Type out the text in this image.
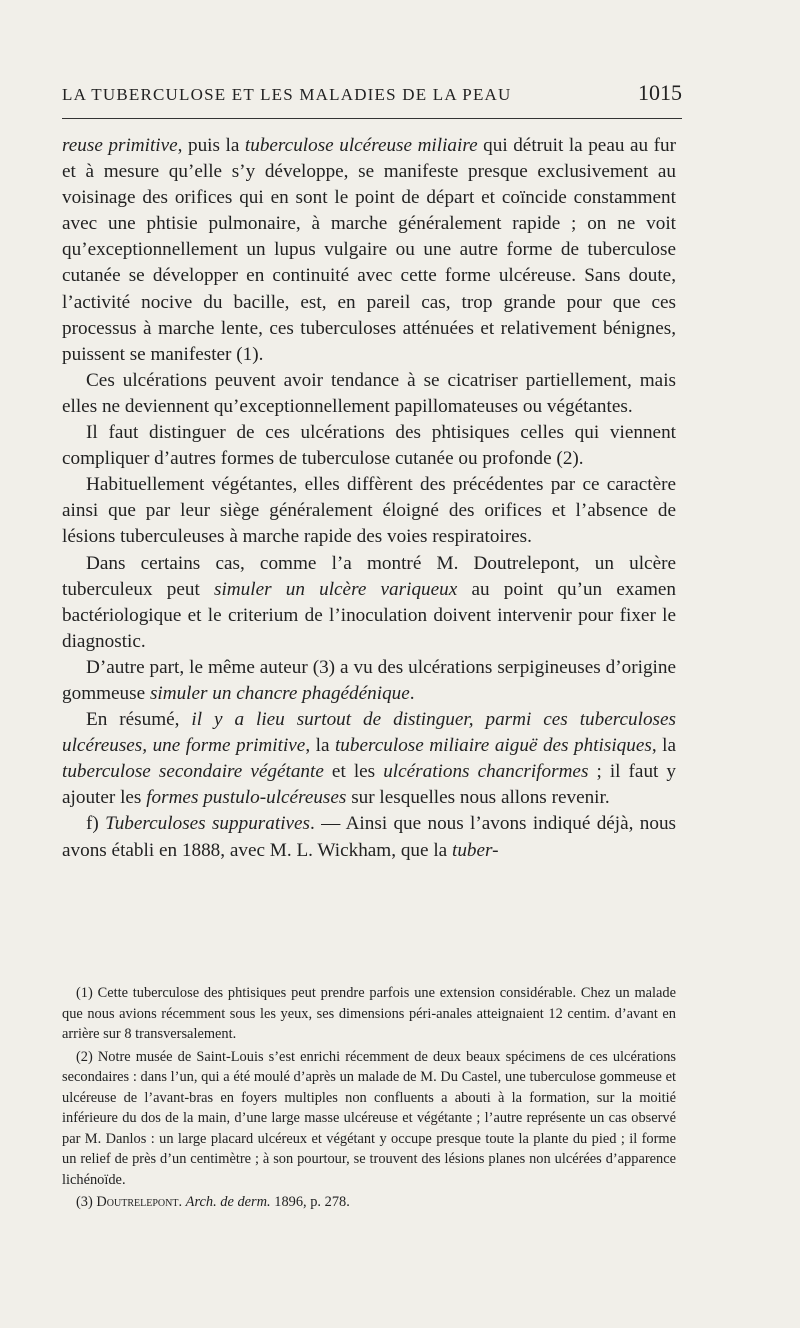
LA TUBERCULOSE ET LES MALADIES DE LA PEAU	1015

reuse primitive, puis la tuberculose ulcéreuse miliaire qui détruit la peau au fur et à mesure qu’elle s’y développe, se manifeste presque exclusivement au voisinage des orifices qui en sont le point de départ et coïncide constamment avec une phtisie pulmonaire, à marche généralement rapide ; on ne voit qu’exceptionnellement un lupus vulgaire ou une autre forme de tuberculose cutanée se développer en continuité avec cette forme ulcéreuse. Sans doute, l’activité nocive du bacille, est, en pareil cas, trop grande pour que ces processus à marche lente, ces tuberculoses atténuées et relativement bénignes, puissent se manifester (1).

Ces ulcérations peuvent avoir tendance à se cicatriser partiellement, mais elles ne deviennent qu’exceptionnellement papillomateuses ou végétantes.

Il faut distinguer de ces ulcérations des phtisiques celles qui viennent compliquer d’autres formes de tuberculose cutanée ou profonde (2).

Habituellement végétantes, elles diffèrent des précédentes par ce caractère ainsi que par leur siège généralement éloigné des orifices et l’absence de lésions tuberculeuses à marche rapide des voies respiratoires.

Dans certains cas, comme l’a montré M. Doutrelepont, un ulcère tuberculeux peut simuler un ulcère variqueux au point qu’un examen bactériologique et le criterium de l’inoculation doivent intervenir pour fixer le diagnostic.

D’autre part, le même auteur (3) a vu des ulcérations serpigineuses d’origine gommeuse simuler un chancre phagédénique.

En résumé, il y a lieu surtout de distinguer, parmi ces tuberculoses ulcéreuses, une forme primitive, la tuberculose miliaire aiguë des phtisiques, la tuberculose secondaire végétante et les ulcérations chancriformes ; il faut y ajouter les formes pustulo-ulcéreuses sur lesquelles nous allons revenir.

f) Tuberculoses suppuratives. — Ainsi que nous l’avons indiqué déjà, nous avons établi en 1888, avec M. L. Wickham, que la tuber-

(1) Cette tuberculose des phtisiques peut prendre parfois une extension considérable. Chez un malade que nous avions récemment sous les yeux, ses dimensions péri-anales atteignaient 12 centim. d’avant en arrière sur 8 transversalement.

(2) Notre musée de Saint-Louis s’est enrichi récemment de deux beaux spécimens de ces ulcérations secondaires : dans l’un, qui a été moulé d’après un malade de M. Du Castel, une tuberculose gommeuse et ulcéreuse de l’avant-bras en foyers multiples non confluents a abouti à la formation, sur la moitié inférieure du dos de la main, d’une large masse ulcéreuse et végétante ; l’autre représente un cas observé par M. Danlos : un large placard ulcéreux et végétant y occupe presque toute la plante du pied ; il forme un relief de près d’un centimètre ; à son pourtour, se trouvent des lésions planes non ulcérées d’apparence lichénoïde.

(3) Doutrelepont. Arch. de derm. 1896, p. 278.
